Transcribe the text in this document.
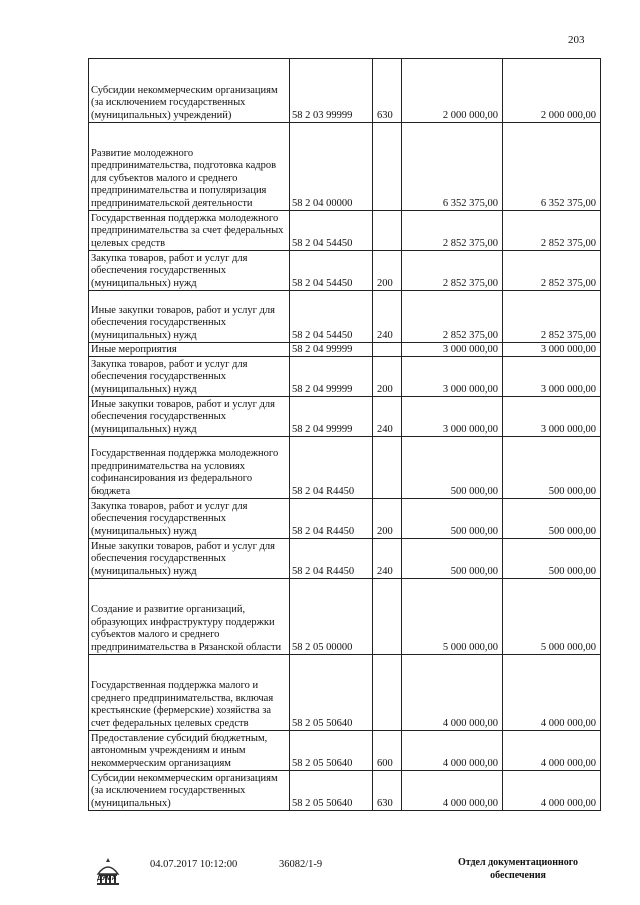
203
Субсидии некоммерческим организациям (за исключением государственных (муниципальных) учреждений)	58 2 03 99999	630	2 000 000,00	2 000 000,00
Развитие молодежного предпринимательства, подготовка кадров для субъектов малого и среднего предпринимательства и популяризация предпринимательской деятельности	58 2 04 00000		6 352 375,00	6 352 375,00
Государственная поддержка молодежного предпринимательства за счет федеральных целевых средств	58 2 04 54450		2 852 375,00	2 852 375,00
Закупка товаров, работ и услуг для обеспечения государственных (муниципальных) нужд	58 2 04 54450	200	2 852 375,00	2 852 375,00
Иные закупки товаров, работ и услуг для обеспечения государственных (муниципальных) нужд	58 2 04 54450	240	2 852 375,00	2 852 375,00
Иные мероприятия	58 2 04 99999		3 000 000,00	3 000 000,00
Закупка товаров, работ и услуг для обеспечения государственных (муниципальных) нужд	58 2 04 99999	200	3 000 000,00	3 000 000,00
Иные закупки товаров, работ и услуг для обеспечения государственных (муниципальных) нужд	58 2 04 99999	240	3 000 000,00	3 000 000,00
Государственная поддержка молодежного предпринимательства на условиях софинансирования из федерального бюджета	58 2 04 R4450		500 000,00	500 000,00
Закупка товаров, работ и услуг для обеспечения государственных (муниципальных) нужд	58 2 04 R4450	200	500 000,00	500 000,00
Иные закупки товаров, работ и услуг для обеспечения государственных (муниципальных) нужд	58 2 04 R4450	240	500 000,00	500 000,00
Создание и развитие организаций, образующих инфраструктуру поддержки субъектов малого и среднего предпринимательства в Рязанской области	58 2 05 00000		5 000 000,00	5 000 000,00
Государственная поддержка малого и среднего предпринимательства, включая крестьянские (фермерские) хозяйства за счет федеральных целевых средств	58 2 05 50640		4 000 000,00	4 000 000,00
Предоставление субсидий бюджетным, автономным учреждениям и иным некоммерческим организациям	58 2 05 50640	600	4 000 000,00	4 000 000,00
Субсидии некоммерческим организациям (за исключением государственных (муниципальных)	58 2 05 50640	630	4 000 000,00	4 000 000,00
ДУМА
04.07.2017 10:12:00	36082/1-9	Отдел документационного
обеспечения
